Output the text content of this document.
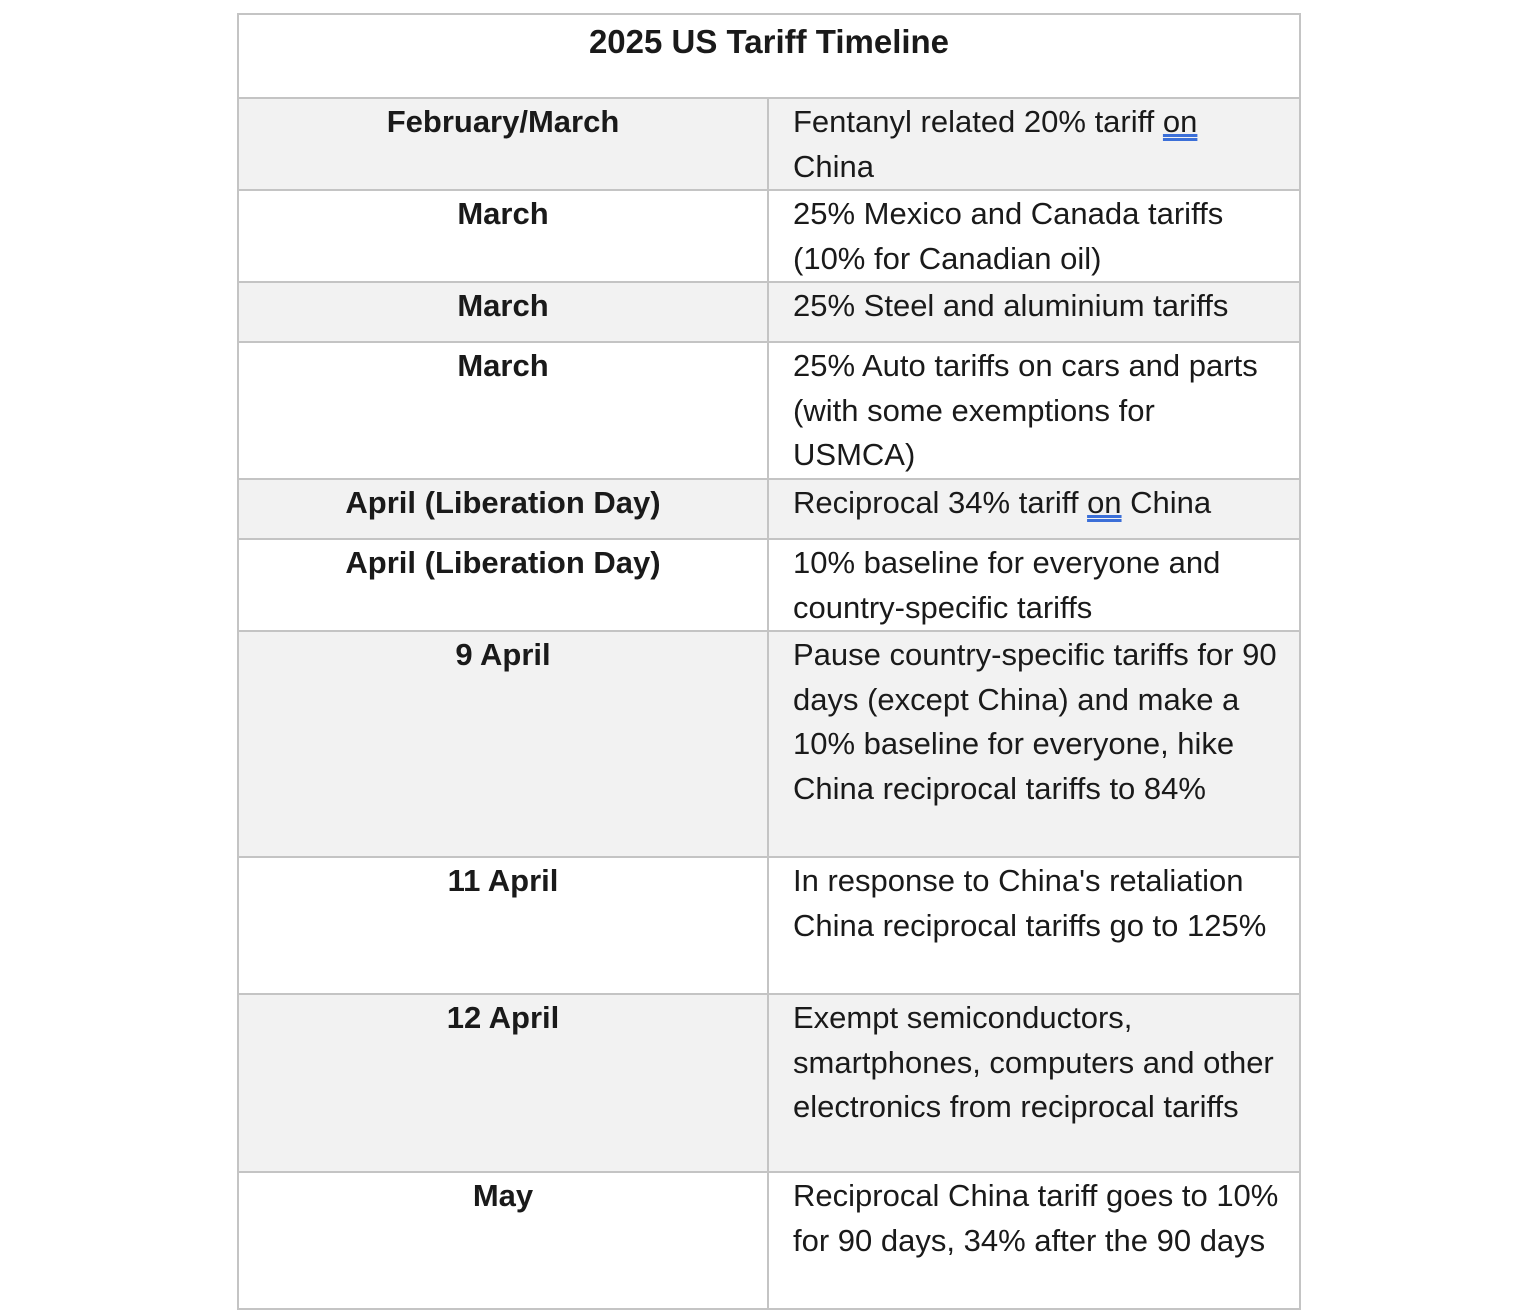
2025 US Tariff Timeline	
February/March	Fentanyl related 20% tariff on China
March	25% Mexico and Canada tariffs (10% for Canadian oil)
March	25% Steel and aluminium tariffs
March	25% Auto tariffs on cars and parts (with some exemptions for USMCA)
April (Liberation Day)	Reciprocal 34% tariff on China
April (Liberation Day)	10% baseline for everyone and country-specific tariffs
9 April	Pause country-specific tariffs for 90 days (except China) and make a 10% baseline for everyone, hike China reciprocal tariffs to 84%
11 April	In response to China's retaliation China reciprocal tariffs go to 125%
12 April	Exempt semiconductors, smartphones, computers and other electronics from reciprocal tariffs
May	Reciprocal China tariff goes to 10% for 90 days, 34% after the 90 days
